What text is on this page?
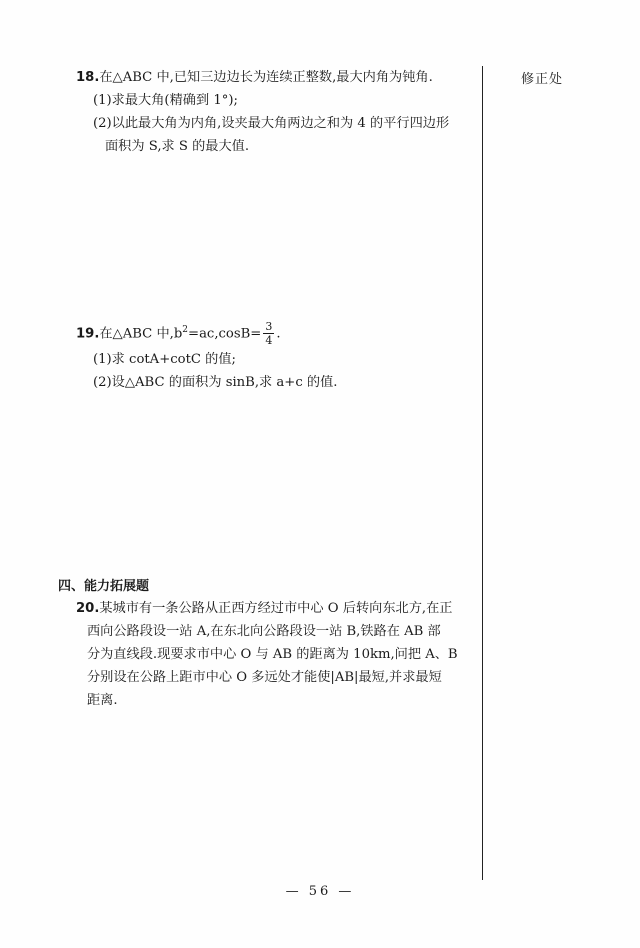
修正处
18.在△ABC 中,已知三边边长为连续正整数,最大内角为钝角.
(1)求最大角(精确到 1°);
(2)以此最大角为内角,设夹最大角两边之和为 4 的平行四边形
面积为 S,求 S 的最大值.
19.在△ABC 中$,b^2=ac,\cos B= \frac{3}{4}$ .
(1)求 cotA+cotC 的值;
(2)设△ABC 的面积为 sinB,求 a+c 的值.
四、能力拓展题
20.某城市有一条公路从正西方经过市中心 O 后转向东北方,在正
西向公路段设一站 A,在东北向公路段设一站 B,铁路在 AB 部
分为直线段.现要求市中心 O 与 AB 的距离为 10km,问把 A、B
分别设在公路上距市中心 O 多远处才能使|AB|最短,并求最短
距离.
— 56 —
